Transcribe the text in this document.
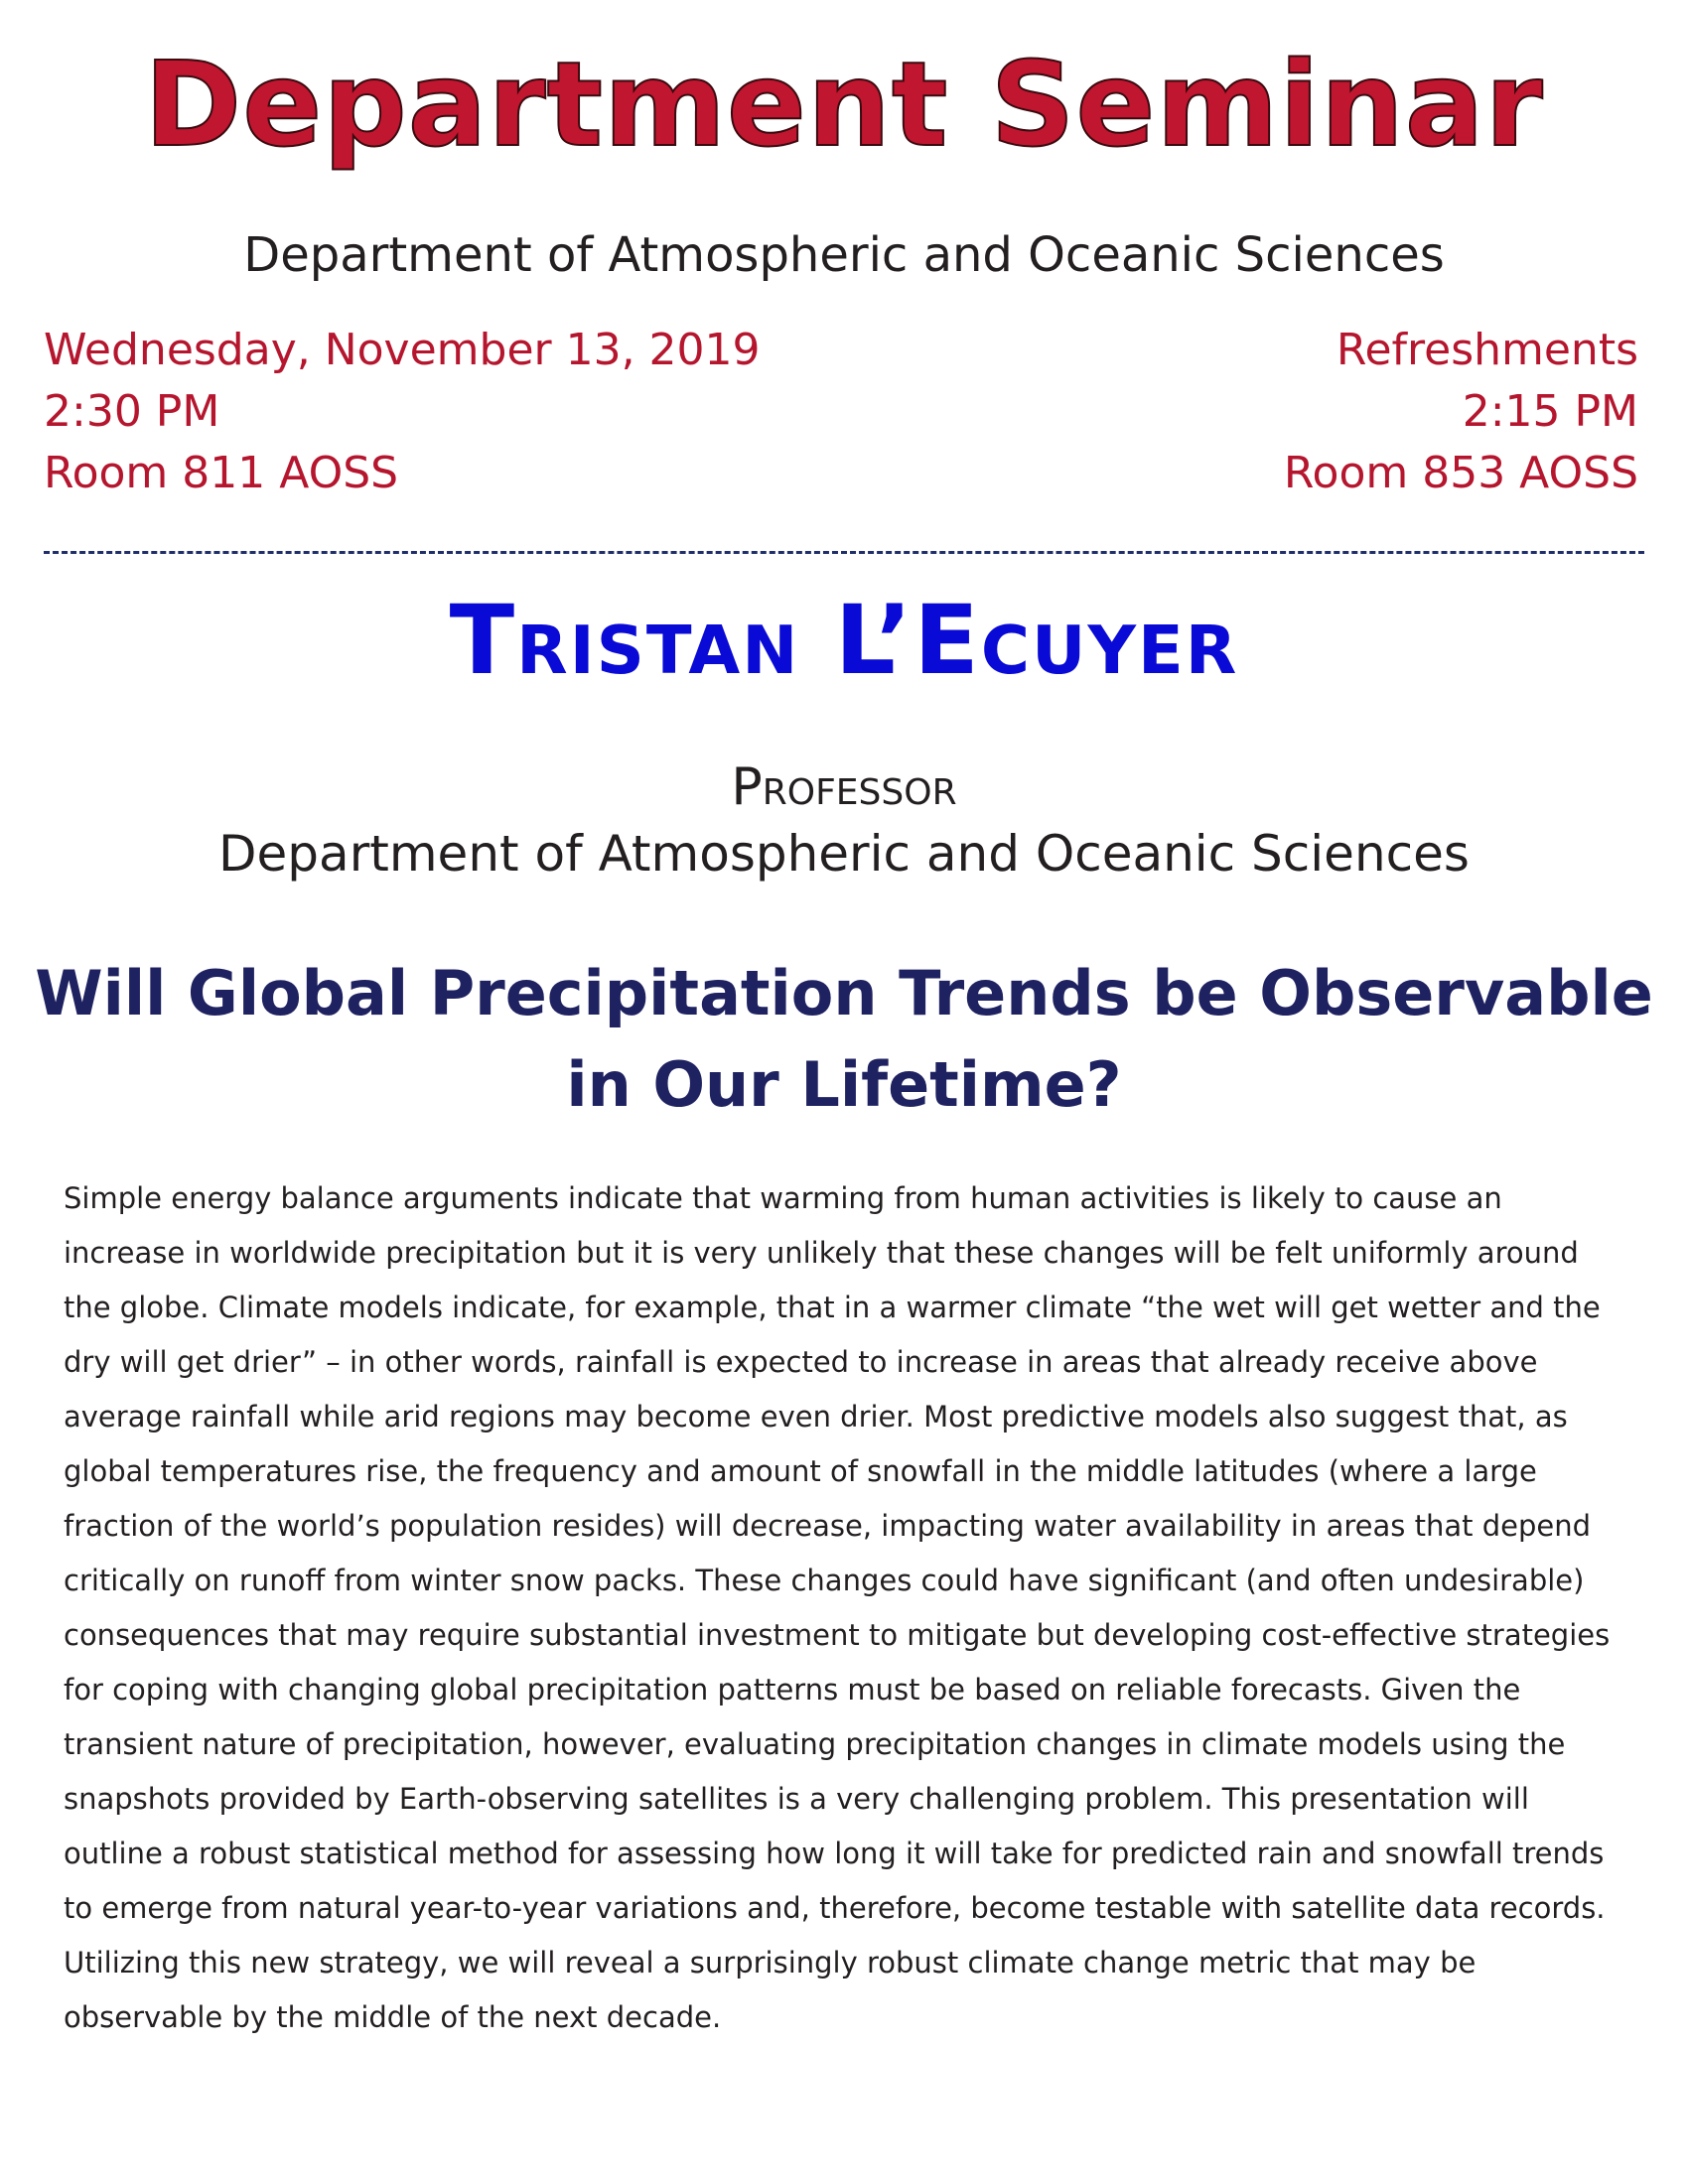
Department Seminar
Department of Atmospheric and Oceanic Sciences
Wednesday, November 13, 2019
2:30 PM
Room 811 AOSS
Refreshments
2:15 PM
Room 853 AOSS
Tristan L’Ecuyer
Professor
Department of Atmospheric and Oceanic Sciences
Will Global Precipitation Trends be Observable in Our Lifetime?

Simple energy balance arguments indicate that warming from human activities is likely to cause an increase in worldwide precipitation but it is very unlikely that these changes will be felt uniformly around the globe. Climate models indicate, for example, that in a warmer climate “the wet will get wetter and the dry will get drier” – in other words, rainfall is expected to increase in areas that already receive above average rainfall while arid regions may become even drier. Most predictive models also suggest that, as global temperatures rise, the frequency and amount of snowfall in the middle latitudes (where a large fraction of the world’s population resides) will decrease, impacting water availability in areas that depend critically on runoff from winter snow packs. These changes could have significant (and often undesirable) consequences that may require substantial investment to mitigate but developing cost-effective strategies for coping with changing global precipitation patterns must be based on reliable forecasts. Given the transient nature of precipitation, however, evaluating precipitation changes in climate models using the snapshots provided by Earth-observing satellites is a very challenging problem. This presentation will outline a robust statistical method for assessing how long it will take for predicted rain and snowfall trends to emerge from natural year-to-year variations and, therefore, become testable with satellite data records. Utilizing this new strategy, we will reveal a surprisingly robust climate change metric that may be observable by the middle of the next decade.
